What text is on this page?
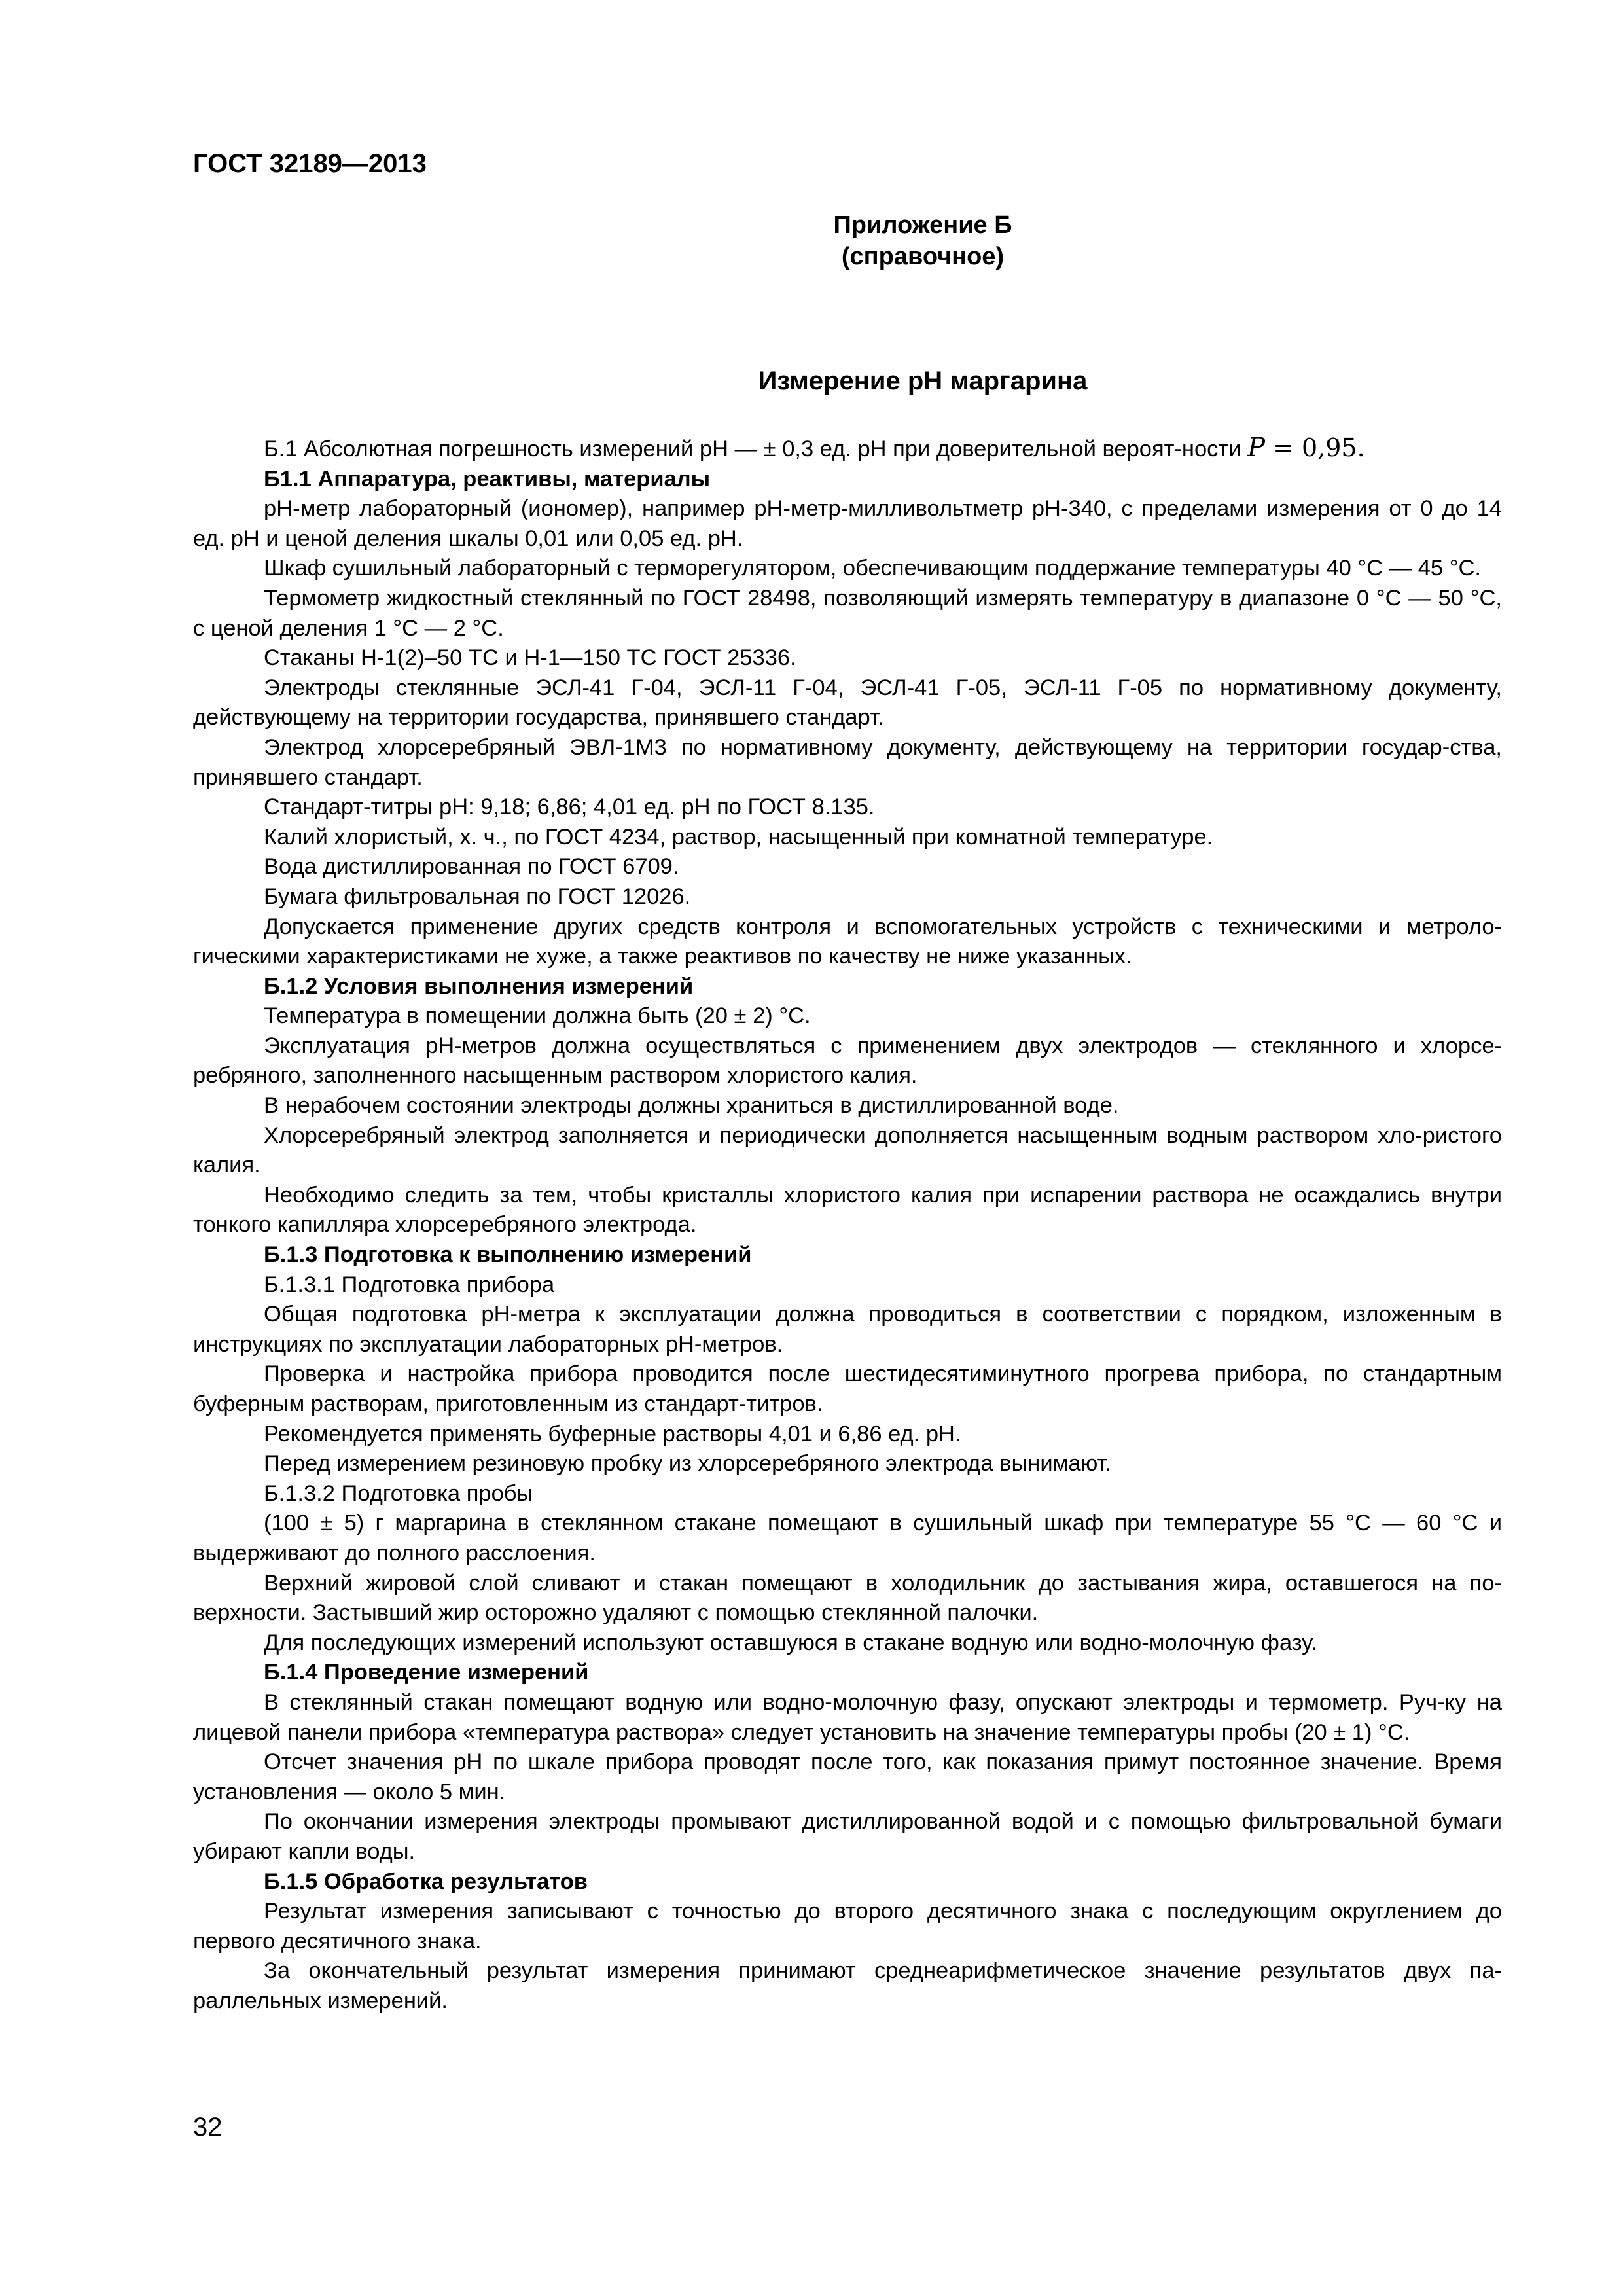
ГОСТ 32189—2013
Приложение Б
(справочное)
Измерение pH маргарина

Б.1 Абсолютная погрешность измерений pH — ± 0,3 ед. pH при доверительной вероят-ности P = 0,95.

Б1.1 Аппаратура, реактивы, материалы

pH-метр лабораторный (иономер), например pH-метр-милливольтметр pH-340, с пределами измерения от 0 до 14 ед. pH и ценой деления шкалы 0,01 или 0,05 ед. pH.

Шкаф сушильный лабораторный с терморегулятором, обеспечивающим поддержание температуры 40 °С — 45 °С.

Термометр жидкостный стеклянный по ГОСТ 28498, позволяющий измерять температуру в диапазоне 0 °С — 50 °С, с ценой деления 1 °С — 2 °С.

Стаканы Н-1(2)–50 ТС и Н-1—150 ТС ГОСТ 25336.

Электроды стеклянные ЭСЛ-41 Г-04, ЭСЛ-11 Г-04, ЭСЛ-41 Г-05, ЭСЛ-11 Г-05 по нормативному документу, действующему на территории государства, принявшего стандарт.

Электрод хлорсеребряный ЭВЛ-1М3 по нормативному документу, действующему на территории государ-ства, принявшего стандарт.

Стандарт-титры pH: 9,18; 6,86; 4,01 ед. pH по ГОСТ 8.135.

Калий хлористый, х. ч., по ГОСТ 4234, раствор, насыщенный при комнатной температуре.

Вода дистиллированная по ГОСТ 6709.

Бумага фильтровальная по ГОСТ 12026.

Допускается применение других средств контроля и вспомогательных устройств с техническими и метроло-гическими характеристиками не хуже, а также реактивов по качеству не ниже указанных.

Б.1.2 Условия выполнения измерений

Температура в помещении должна быть (20 ± 2) °С.

Эксплуатация pH-метров должна осуществляться с применением двух электродов — стеклянного и хлорсе-ребряного, заполненного насыщенным раствором хлористого калия.

В нерабочем состоянии электроды должны храниться в дистиллированной воде.

Хлорсеребряный электрод заполняется и периодически дополняется насыщенным водным раствором хло-ристого калия.

Необходимо следить за тем, чтобы кристаллы хлористого калия при испарении раствора не осаждались внутри тонкого капилляра хлорсеребряного электрода.

Б.1.3 Подготовка к выполнению измерений

Б.1.3.1 Подготовка прибора

Общая подготовка pH-метра к эксплуатации должна проводиться в соответствии с порядком, изложенным в инструкциях по эксплуатации лабораторных pH-метров.

Проверка и настройка прибора проводится после шестидесятиминутного прогрева прибора, по стандартным буферным растворам, приготовленным из стандарт-титров.

Рекомендуется применять буферные растворы 4,01 и 6,86 ед. pH.

Перед измерением резиновую пробку из хлорсеребряного электрода вынимают.

Б.1.3.2 Подготовка пробы

(100 ± 5) г маргарина в стеклянном стакане помещают в сушильный шкаф при температуре 55 °С — 60 °С и выдерживают до полного расслоения.

Верхний жировой слой сливают и стакан помещают в холодильник до застывания жира, оставшегося на по-верхности. Застывший жир осторожно удаляют с помощью стеклянной палочки.

Для последующих измерений используют оставшуюся в стакане водную или водно-молочную фазу.

Б.1.4 Проведение измерений

В стеклянный стакан помещают водную или водно-молочную фазу, опускают электроды и термометр. Руч-ку на лицевой панели прибора «температура раствора» следует установить на значение температуры пробы (20 ± 1) °С.

Отсчет значения pH по шкале прибора проводят после того, как показания примут постоянное значение. Время установления — около 5 мин.

По окончании измерения электроды промывают дистиллированной водой и с помощью фильтровальной бумаги убирают капли воды.

Б.1.5 Обработка результатов

Результат измерения записывают с точностью до второго десятичного знака с последующим округлением до первого десятичного знака.

За окончательный результат измерения принимают среднеарифметическое значение результатов двух па-раллельных измерений.

32
